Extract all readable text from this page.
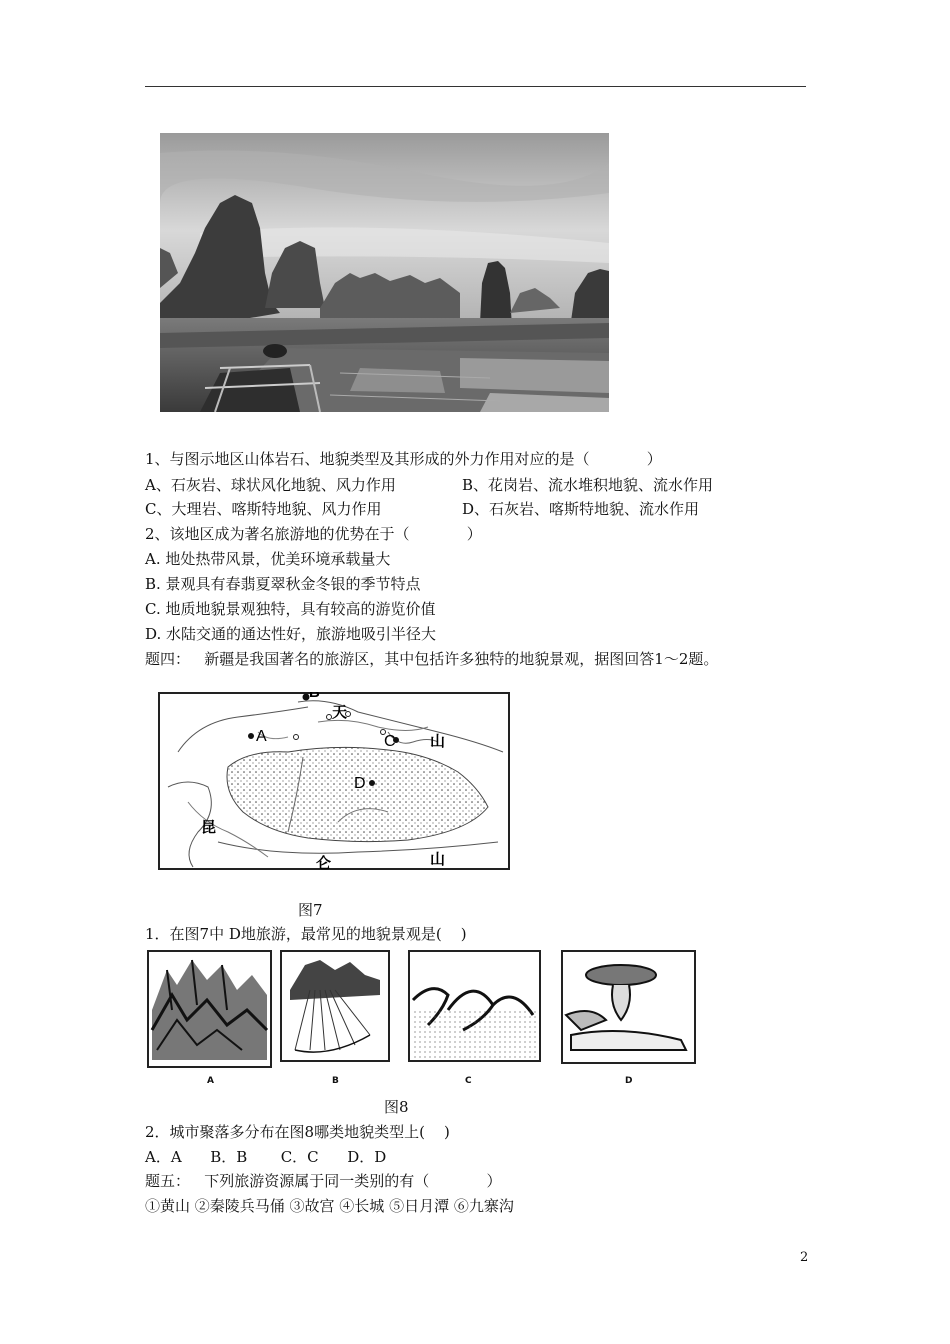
1、与图示地区山体岩石、地貌类型及其形成的外力作用对应的是（            ）
A、石灰岩、球状风化地貌、风力作用	B、花岗岩、流水堆积地貌、流水作用
C、大理岩、喀斯特地貌、风力作用	D、石灰岩、喀斯特地貌、流水作用
2、该地区成为著名旅游地的优势在于（            ）
A. 地处热带风景，优美环境承载量大
B. 景观具有春翡夏翠秋金冬银的季节特点
C. 地质地貌景观独特，具有较高的游览价值
D. 水陆交通的通达性好，旅游地吸引半径大
题四：   新疆是我国著名的旅游区，其中包括许多独特的地貌景观，据图回答1～2题。
B
A	C
D
天
山
昆
仑	山
图7
1．在图7中 D地旅游，最常见的地貌景观是(    )
A	B	C	D
图8
2．城市聚落多分布在图8哪类地貌类型上(    )
A．A      B．B       C．C      D．D
题五：   下列旅游资源属于同一类别的有（            ）
①黄山 ②秦陵兵马俑 ③故宫 ④长城 ⑤日月潭 ⑥九寨沟
2
